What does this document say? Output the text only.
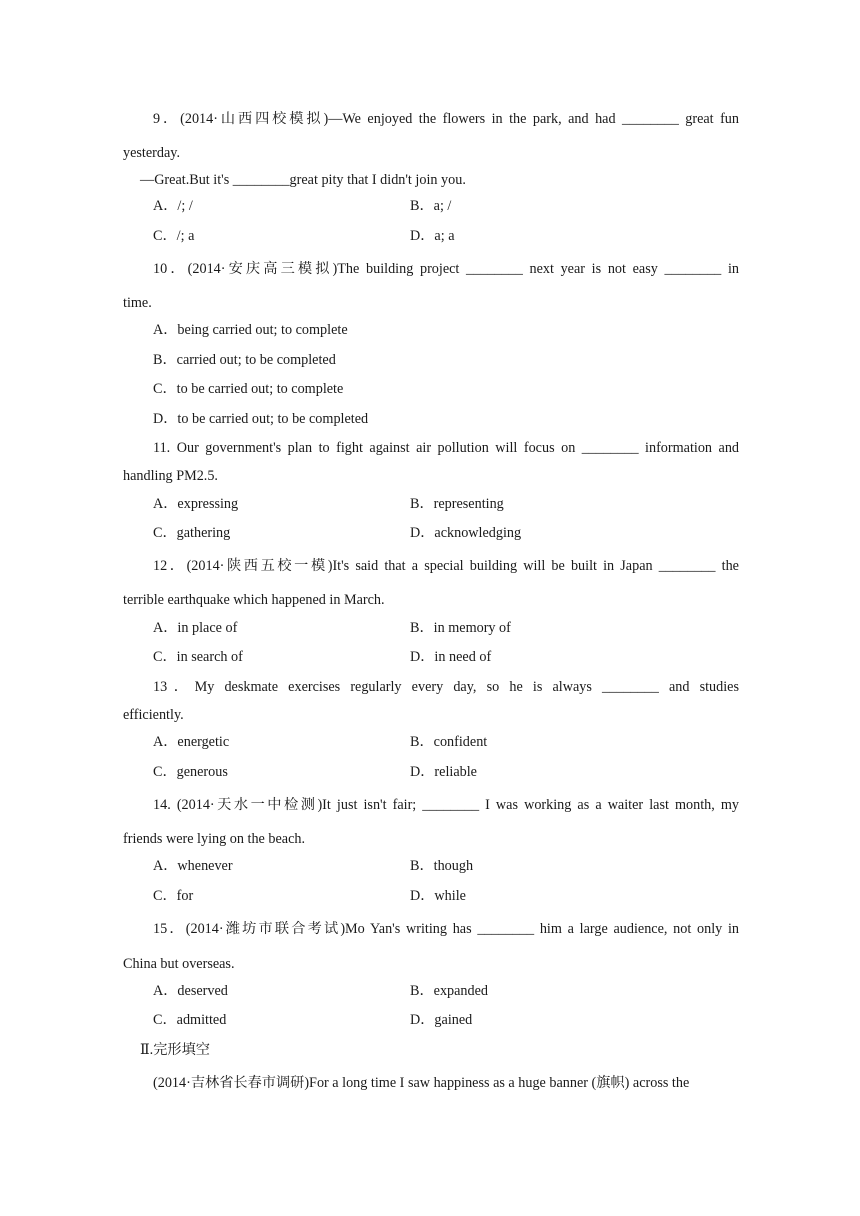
9．(2014·山西四校模拟)—We enjoyed the flowers in the park, and had ________ great fun
yesterday.
—Great.But it's ________great pity that I didn't join you.
A．/; /	B．a; /
C．/; a	D．a; a
10．(2014·安庆高三模拟)The building project ________ next year is not easy ________ in
time.
A．being carried out; to complete
B．carried out; to be completed
C．to be carried out; to complete
D．to be carried out; to be completed
11. Our government's plan to fight against air pollution will focus on ________ information and
handling PM2.5.
A．expressing	B．representing
C．gathering	D．acknowledging
12．(2014·陕西五校一模)It's said that a special building will be built in Japan ________ the
terrible earthquake which happened in March.
A．in place of	B．in memory of
C．in search of	D．in need of
13．My deskmate exercises regularly every day, so he is always ________ and studies
efficiently.
A．energetic	B．confident
C．generous	D．reliable
14. (2014·天水一中检测)It just isn't fair; ________ I was working as a waiter last month, my
friends were lying on the beach.
A．whenever	B．though
C．for	D．while
15．(2014·潍坊市联合考试)Mo Yan's writing has ________ him a large audience, not only in
China but overseas.
A．deserved	B．expanded
C．admitted	D．gained
Ⅱ.完形填空
(2014·吉林省长春市调研)For a long time I saw happiness as a huge banner (旗帜) across the
